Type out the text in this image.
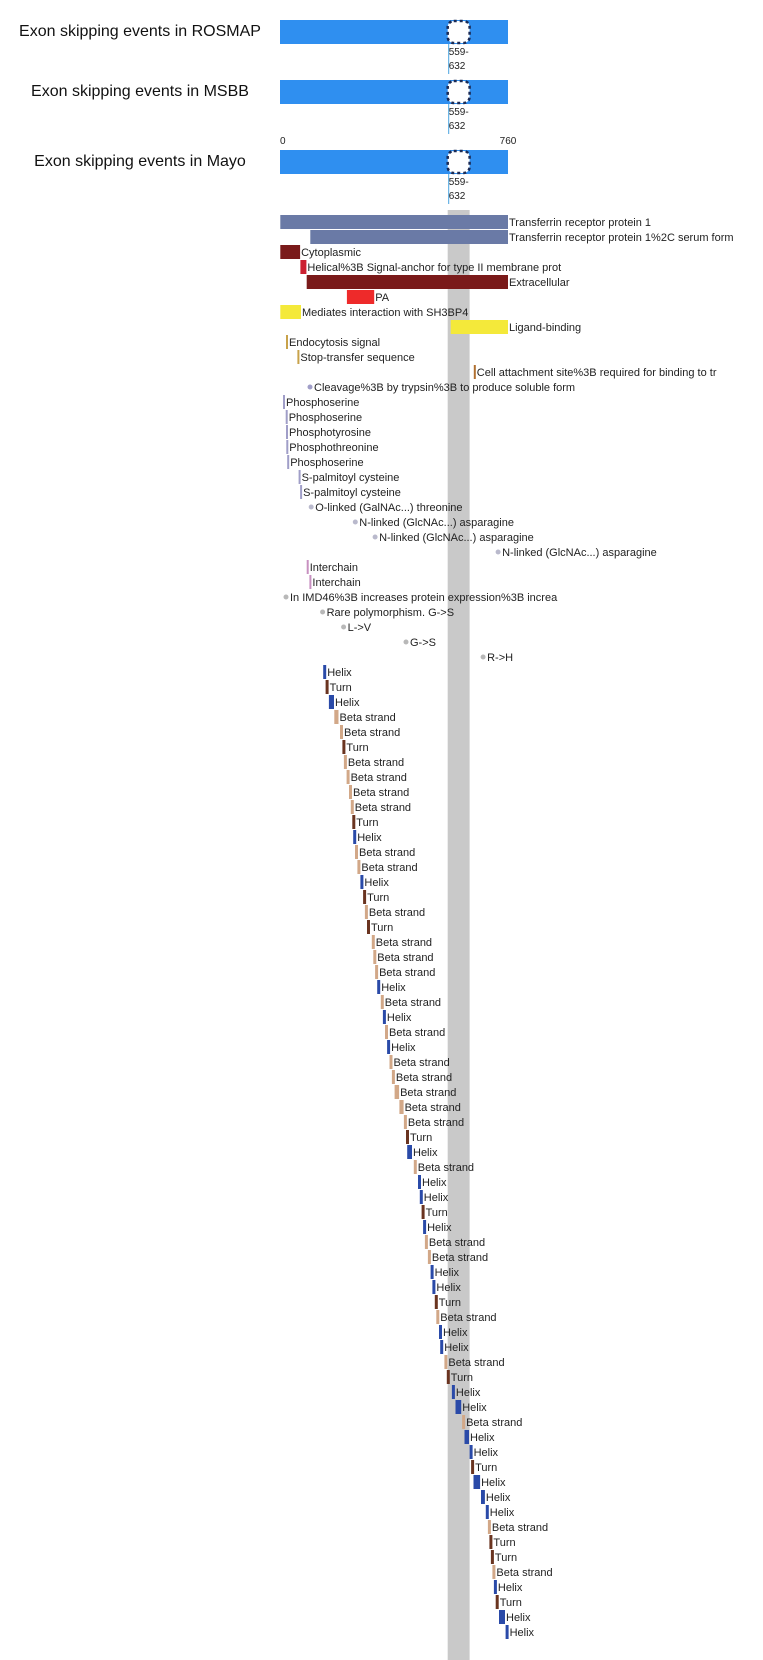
Exon skipping events in ROSMAP
559-
632
Exon skipping events in MSBB
559-
632
Exon skipping events in Mayo
0	760
559-
632
Transferrin receptor protein 1
Transferrin receptor protein 1%2C serum form
Cytoplasmic
Helical%3B Signal-anchor for type II membrane prot
Extracellular
PA
Mediates interaction with SH3BP4
Ligand-binding
Endocytosis signal
Stop-transfer sequence
Cell attachment site%3B required for binding to tr
Cleavage%3B by trypsin%3B to produce soluble form
Phosphoserine
Phosphoserine
Phosphotyrosine
Phosphothreonine
Phosphoserine
S-palmitoyl cysteine
S-palmitoyl cysteine
O-linked (GalNAc...) threonine
N-linked (GlcNAc...) asparagine
N-linked (GlcNAc...) asparagine
N-linked (GlcNAc...) asparagine
Interchain
Interchain
In IMD46%3B increases protein expression%3B increa
Rare polymorphism. G->S
L->V
G->S
R->H
Helix
Turn
Helix
Beta strand
Beta strand
Turn
Beta strand
Beta strand
Beta strand
Beta strand
Turn
Helix
Beta strand
Beta strand
Helix
Turn
Beta strand
Turn
Beta strand
Beta strand
Beta strand
Helix
Beta strand
Helix
Beta strand
Helix
Beta strand
Beta strand
Beta strand
Beta strand
Beta strand
Turn
Helix
Beta strand
Helix
Helix
Turn
Helix
Beta strand
Beta strand
Helix
Helix
Turn
Beta strand
Helix
Helix
Beta strand
Turn
Helix
Helix
Beta strand
Helix
Helix
Turn
Helix
Helix
Helix
Beta strand
Turn
Turn
Beta strand
Helix
Turn
Helix
Helix
